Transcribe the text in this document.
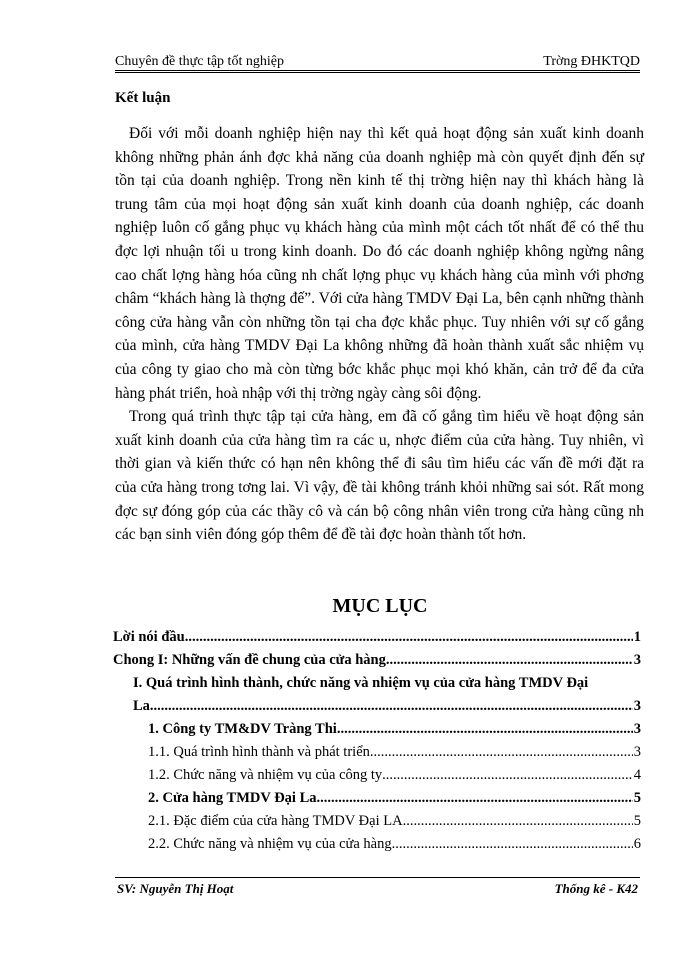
Chuyên đề thực tập tốt nghiệp	Trờng ĐHKTQD
Kết luận

Đối với mỗi doanh nghiệp hiện nay thì kết quả hoạt động sản xuất kinh doanh không những phản ánh đợc khả năng của doanh nghiệp mà còn quyết định đến sự tồn tại của doanh nghiệp. Trong nền kinh tế thị trờng hiện nay thì khách hàng là trung tâm của mọi hoạt động sản xuất kinh doanh của doanh nghiệp, các doanh nghiệp luôn cố gắng phục vụ khách hàng của mình một cách tốt nhất để có thể thu đợc lợi nhuận tối u trong kinh doanh. Do đó các doanh nghiệp không ngừng nâng cao chất lợng hàng hóa cũng nh chất lợng phục vụ khách hàng của mình với phơng châm “khách hàng là thợng đế”. Với cửa hàng TMDV Đại La, bên cạnh những thành công cửa hàng vẫn còn những tồn tại cha đợc khắc phục. Tuy nhiên với sự cố gắng của mình, cửa hàng TMDV Đại La không những đã hoàn thành xuất sắc nhiệm vụ của công ty giao cho mà còn từng bớc khắc phục mọi khó khăn, cản trở để đa cửa hàng phát triển, hoà nhập với thị trờng ngày càng sôi động.

Trong quá trình thực tập tại cửa hàng, em đã cố gắng tìm hiểu về hoạt động sản xuất kinh doanh của cửa hàng tìm ra các u, nhợc điểm của cửa hàng. Tuy nhiên, vì thời gian và kiến thức có hạn nên không thể đi sâu tìm hiểu các vấn đề mới đặt ra của cửa hàng trong tơng lai. Vì vậy, đề tài không tránh khỏi những sai sót. Rất mong đợc sự đóng góp của các thầy cô và cán bộ công nhân viên trong cửa hàng cũng nh các bạn sinh viên đóng góp thêm để đề tài đợc hoàn thành tốt hơn.

MỤC LỤC
Lời nói đầu .....	1
Chong I: Những vấn đề chung của cửa hàng .....	3
I. Quá trình hình thành, chức năng và nhiệm vụ của cửa hàng TMDV Đại
La .....	3
1. Công ty TM&DV Tràng Thi .....	3
1.1. Quá trình hình thành và phát triển .....	3
1.2. Chức năng và nhiệm vụ của công ty .....	4
2. Cửa hàng TMDV Đại La .....	5
2.1. Đặc điểm của cửa hàng TMDV Đại LA .....	5
2.2. Chức năng và nhiệm vụ của cửa hàng .....	6
SV: Nguyễn Thị Hoạt	Thống kê - K42
